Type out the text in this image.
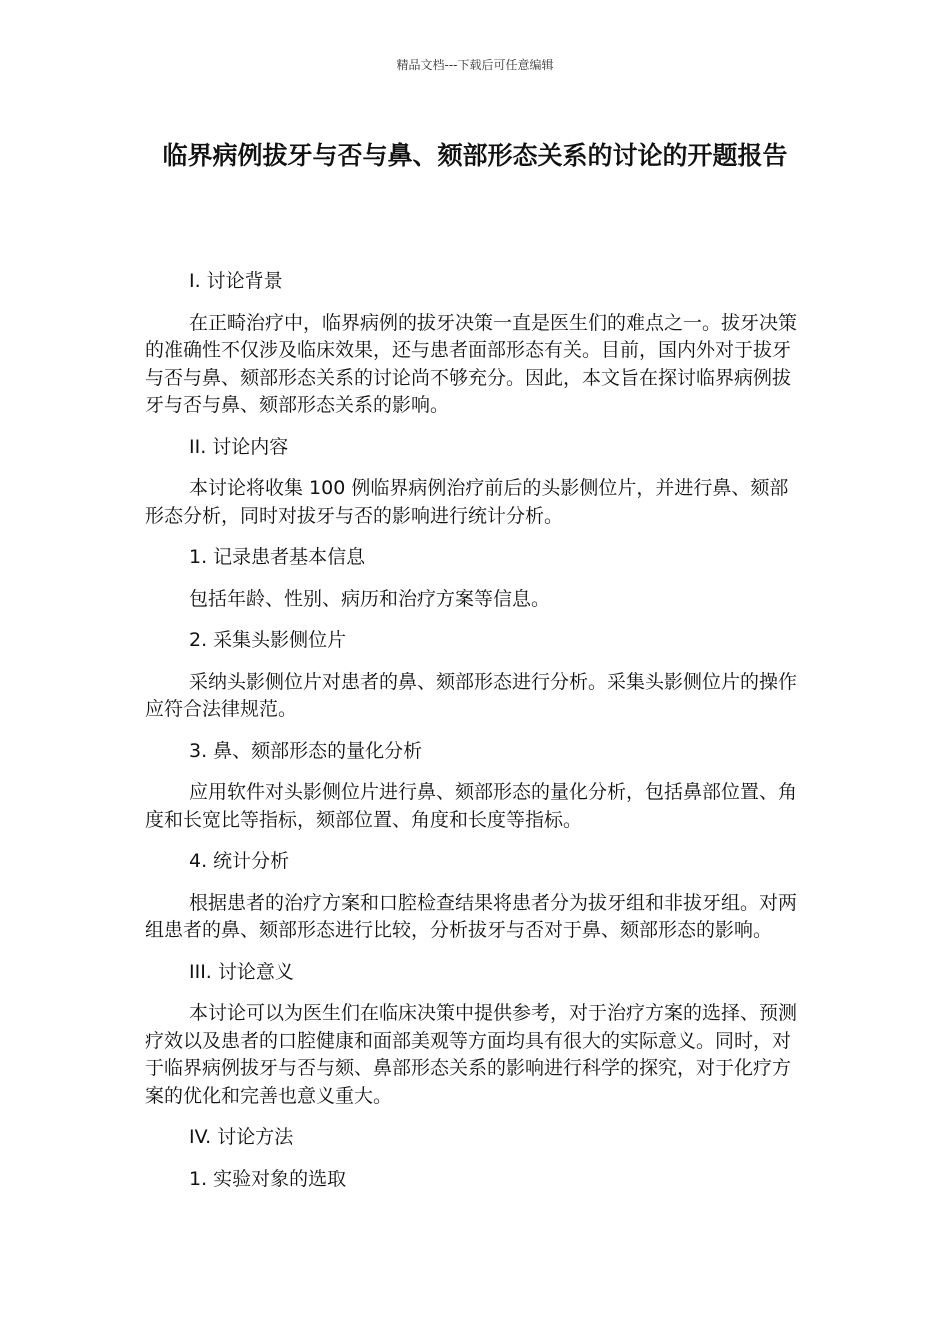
精品文档---下载后可任意编辑
临界病例拔牙与否与鼻、颏部形态关系的讨论的开题报告
I. 讨论背景
在正畸治疗中，临界病例的拔牙决策一直是医生们的难点之一。拔牙决策的准确性不仅涉及临床效果，还与患者面部形态有关。目前，国内外对于拔牙与否与鼻、颏部形态关系的讨论尚不够充分。因此，本文旨在探讨临界病例拔牙与否与鼻、颏部形态关系的影响。
II. 讨论内容
本讨论将收集 100 例临界病例治疗前后的头影侧位片，并进行鼻、颏部形态分析，同时对拔牙与否的影响进行统计分析。
1. 记录患者基本信息
包括年龄、性别、病历和治疗方案等信息。
2. 采集头影侧位片
采纳头影侧位片对患者的鼻、颏部形态进行分析。采集头影侧位片的操作应符合法律规范。
3. 鼻、颏部形态的量化分析
应用软件对头影侧位片进行鼻、颏部形态的量化分析，包括鼻部位置、角度和长宽比等指标，颏部位置、角度和长度等指标。
4. 统计分析
根据患者的治疗方案和口腔检查结果将患者分为拔牙组和非拔牙组。对两组患者的鼻、颏部形态进行比较，分析拔牙与否对于鼻、颏部形态的影响。
III. 讨论意义
本讨论可以为医生们在临床决策中提供参考，对于治疗方案的选择、预测疗效以及患者的口腔健康和面部美观等方面均具有很大的实际意义。同时，对于临界病例拔牙与否与颏、鼻部形态关系的影响进行科学的探究，对于化疗方案的优化和完善也意义重大。
IV. 讨论方法
1. 实验对象的选取
